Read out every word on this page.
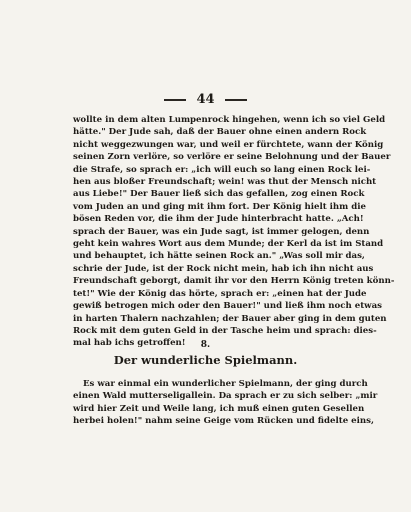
44
wollte in dem alten Lumpenrock hingehen, wenn ich so viel Geld
hätte." Der Jude sah, daß der Bauer ohne einen andern Rock
nicht weggezwungen war, und weil er fürchtete, wann der König
seinen Zorn verlöre, so verlöre er seine Belohnung und der Bauer
die Strafe, so sprach er: „ich will euch so lang einen Rock lei-
hen aus bloßer Freundschaft; wein! was thut der Mensch nicht
aus Liebe!" Der Bauer ließ sich das gefallen, zog einen Rock
vom Juden an und ging mit ihm fort. Der König hielt ihm die
bösen Reden vor, die ihm der Jude hinterbracht hatte. „Ach!
sprach der Bauer, was ein Jude sagt, ist immer gelogen, denn
geht kein wahres Wort aus dem Munde; der Kerl da ist im Stand
und behauptet, ich hätte seinen Rock an." „Was soll mir das,
schrie der Jude, ist der Rock nicht mein, hab ich ihn nicht aus
Freundschaft geborgt, damit ihr vor den Herrn König treten könn-
tet!" Wie der König das hörte, sprach er: „einen hat der Jude
gewiß betrogen mich oder den Bauer!" und ließ ihm noch etwas
in harten Thalern nachzahlen; der Bauer aber ging in dem guten
Rock mit dem guten Geld in der Tasche heim und sprach: dies-
mal hab ichs getroffen!	8.
Der wunderliche Spielmann.
Es war einmal ein wunderlicher Spielmann, der ging durch
einen Wald mutterseligallein. Da sprach er zu sich selber: „mir
wird hier Zeit und Weile lang, ich muß einen guten Gesellen
herbei holen!" nahm seine Geige vom Rücken und fidelte eins,
